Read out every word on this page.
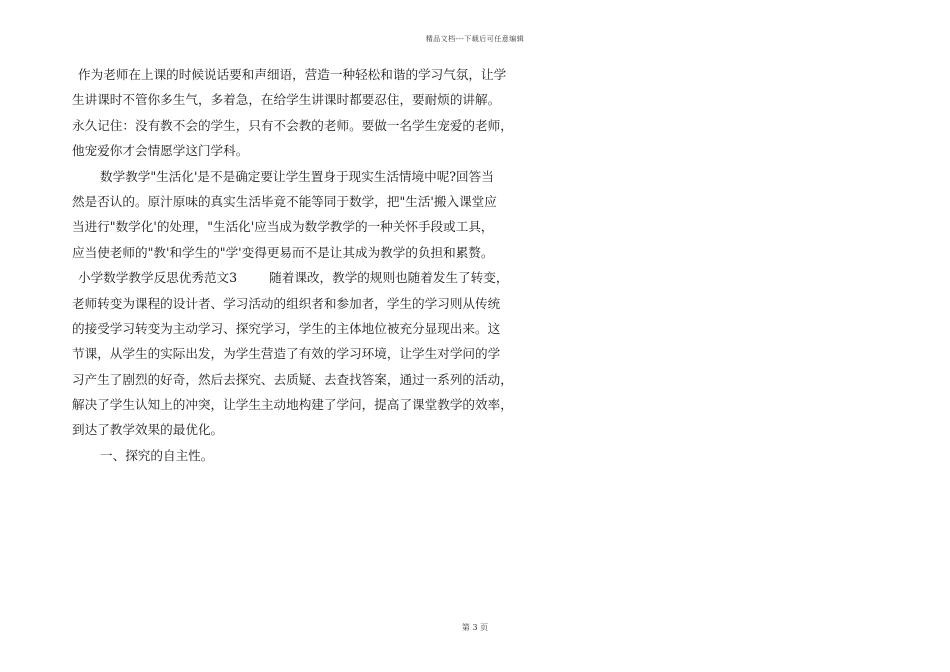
精品文档---下载后可任意编辑
作为老师在上课的时候说话要和声细语，营造一种轻松和谐的学习气氛，让学
生讲课时不管你多生气，多着急，在给学生讲课时都要忍住，要耐烦的讲解。
永久记住：没有教不会的学生，只有不会教的老师。要做一名学生宠爱的老师，
他宠爱你才会情愿学这门学科。
数学教学"生活化'是不是确定要让学生置身于现实生活情境中呢?回答当
然是否认的。原汁原味的真实生活毕竟不能等同于数学，把"生活'搬入课堂应
当进行"数学化'的处理，"生活化'应当成为数学教学的一种关怀手段或工具，
应当使老师的"教'和学生的"学'变得更易而不是让其成为教学的负担和累赘。
小学数学教学反思优秀范文3	随着课改，教学的规则也随着发生了转变，
老师转变为课程的设计者、学习活动的组织者和参加者，学生的学习则从传统
的接受学习转变为主动学习、探究学习，学生的主体地位被充分显现出来。这
节课，从学生的实际出发，为学生营造了有效的学习环境，让学生对学问的学
习产生了剧烈的好奇，然后去探究、去质疑、去查找答案，通过一系列的活动，
解决了学生认知上的冲突，让学生主动地构建了学问，提高了课堂教学的效率，
到达了教学效果的最优化。
一、探究的自主性。
第 3 页
